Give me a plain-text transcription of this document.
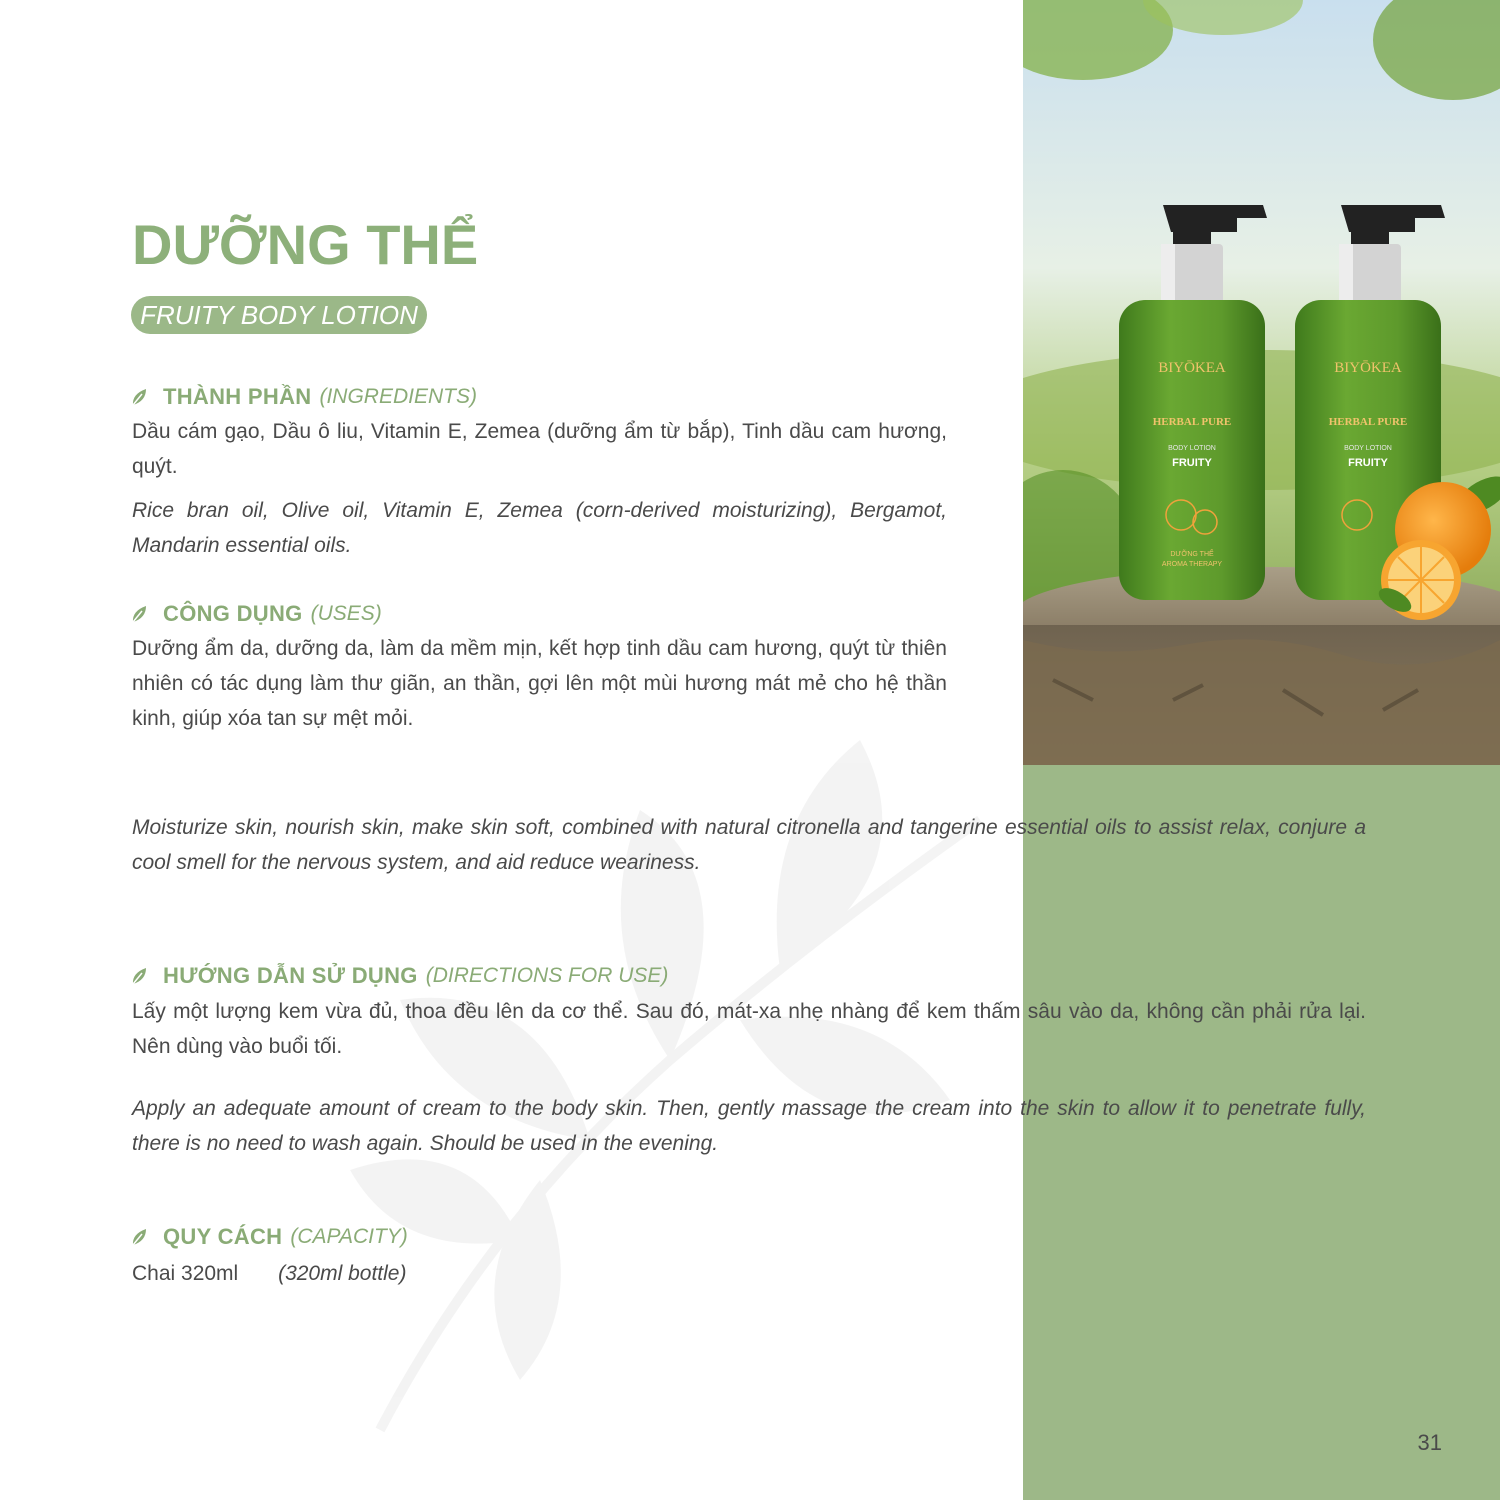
BIYŌKEA
HERBAL PURE
BODY LOTION
FRUITY
DƯỠNG THỂ
AROMA THERAPY
BIYŌKEA
HERBAL PURE
BODY LOTION
FRUITY
DƯỠNG THỂ
FRUITY BODY LOTION
THÀNH PHẦN (INGREDIENTS)
Dầu cám gạo, Dầu ô liu, Vitamin E, Zemea (dưỡng ẩm từ bắp), Tinh dầu cam hương, quýt.
Rice bran oil, Olive oil, Vitamin E, Zemea (corn-derived moisturizing), Bergamot, Mandarin essential oils.
CÔNG DỤNG (USES)
Dưỡng ẩm da, dưỡng da, làm da mềm mịn, kết hợp tinh dầu cam hương, quýt từ thiên nhiên có tác dụng làm thư giãn, an thần, gợi lên một mùi hương mát mẻ cho hệ thần kinh, giúp xóa tan sự mệt mỏi.
Moisturize skin, nourish skin, make skin soft, combined with natural citronella and tangerine essential oils to assist relax, conjure a cool smell for the nervous system, and aid reduce weariness.
HƯỚNG DẪN SỬ DỤNG (DIRECTIONS FOR USE)
Lấy một lượng kem vừa đủ, thoa đều lên da cơ thể. Sau đó, mát-xa nhẹ nhàng để kem thấm sâu vào da, không cần phải rửa lại. Nên dùng vào buổi tối.
Apply an adequate amount of cream to the body skin. Then, gently massage the cream into the skin to allow it to penetrate fully, there is no need to wash again. Should be used in the evening.
QUY CÁCH (CAPACITY)
Chai 320ml (320ml bottle)
31
